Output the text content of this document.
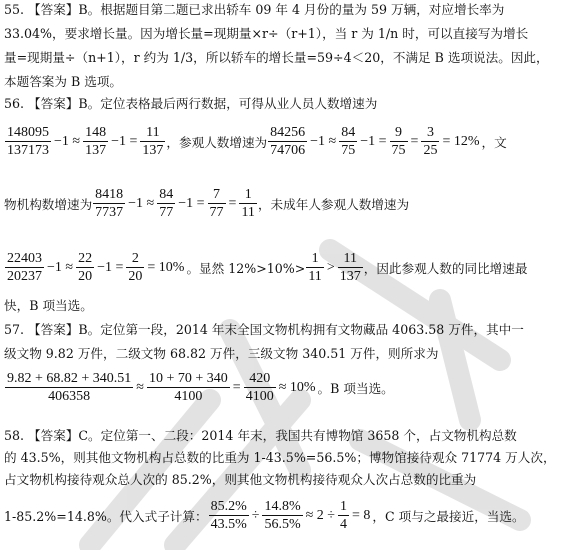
55. 【答案】B。根据题目第二题已求出轿车 09 年 4 月份的量为 59 万辆，对应增长率为
33.04%，要求增长量。因为增长量=现期量×r÷（r+1），当 r 为 1/n 时，可以直接写为增长
量=现期量÷（n+1），r 约为 1/3，所以轿车的增长量=59÷4＜20，不满足 B 选项说法。因此，
本题答案为 B 选项。
56. 【答案】B。定位表格最后两行数据，可得从业人员人数增速为
$\frac{148095}{137173} -1 \approx \frac{148}{137} -1 = \frac{11}{137}$ ，参观人数增速为 $\frac{84256}{74706} -1 \approx \frac{84}{75} -1 = \frac{9}{75} = \frac{3}{25} = 12\%$ ，文
物机构数增速为 $\frac{8418}{7737} -1 \approx \frac{84}{77} -1 = \frac{7}{77} = \frac{1}{11}$ ，未成年人参观人数增速为
$\frac{22403}{20237} -1 \approx \frac{22}{20} -1 = \frac{2}{20} = 10\%$ 。显然 $12\%>10\%> \frac{1}{11} > \frac{11}{137}$ ，因此参观人数的同比增速最
快，B 项当选。
57. 【答案】B。定位第一段，2014 年末全国文物机构拥有文物藏品 4063.58 万件，其中一
级文物 9.82 万件，二级文物 68.82 万件，三级文物 340.51 万件，则所求为
$\frac{9.82 + 68.82 + 340.51}{406358} \approx \frac{10 + 70 + 340}{4100} = \frac{420}{4100} \approx 10\%$ 。B 项当选。
58. 【答案】C。定位第一、二段：2014 年末，我国共有博物馆 3658 个，占文物机构总数
的 43.5%，则其他文物机构占总数的比重为 1-43.5%=56.5%；博物馆接待观众 71774 万人次，
占文物机构接待观众总人次的 85.2%，则其他文物机构接待观众人次占总数的比重为
1-85.2%=14.8%。代入式子计算： $\frac{85.2\%}{43.5\%} \div \frac{14.8\%}{56.5\%} \approx 2 \div \frac{1}{4} = 8$ ，C 项与之最接近，当选。
